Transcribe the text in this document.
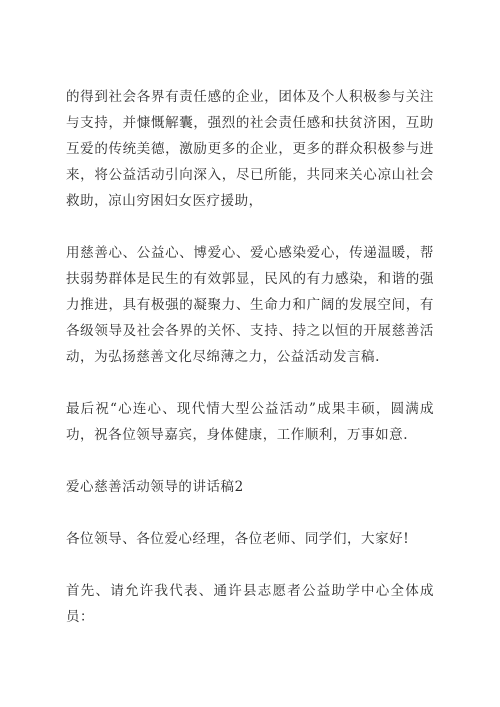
的得到社会各界有责任感的企业，团体及个人积极参与关注与支持，并慷慨解囊，强烈的社会责任感和扶贫济困，互助互爱的传统美德，激励更多的企业，更多的群众积极参与进来，将公益活动引向深入，尽已所能，共同来关心凉山社会救助，凉山穷困妇女医疗援助，

用慈善心、公益心、博爱心、爱心感染爱心，传递温暖，帮扶弱势群体是民生的有效郭显，民风的有力感染，和谐的强力推进，具有极强的凝聚力、生命力和广阔的发展空间，有各级领导及社会各界的关怀、支持、持之以恒的开展慈善活动，为弘扬慈善文化尽绵薄之力，公益活动发言稿.

最后祝“心连心、现代情大型公益活动”成果丰硕，圆满成功，祝各位领导嘉宾，身体健康，工作顺利，万事如意.

爱心慈善活动领导的讲话稿2

各位领导、各位爱心经理，各位老师、同学们，大家好!

首先、请允许我代表、通许县志愿者公益助学中心全体成员：
